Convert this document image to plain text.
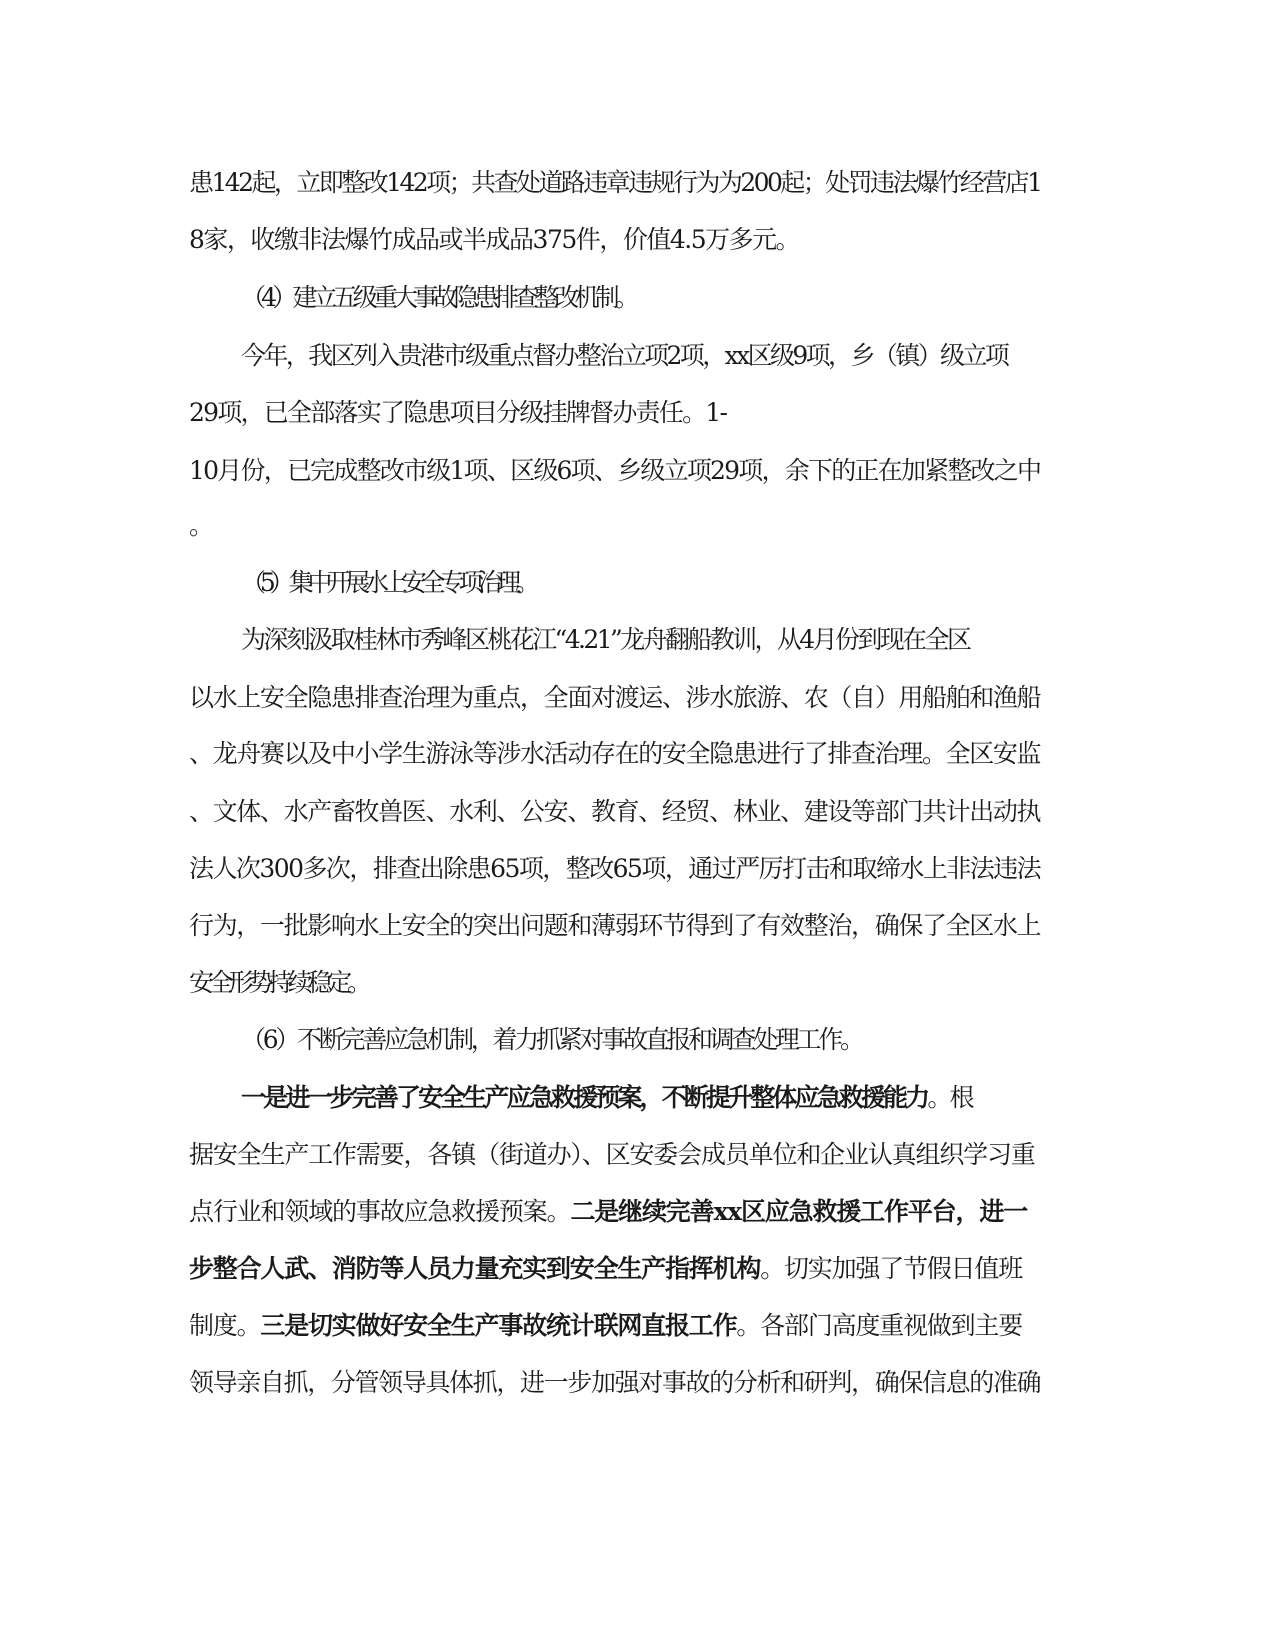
患142起，立即整改142项；共查处道路违章违规行为为200起；处罚违法爆竹经营店1
8家，收缴非法爆竹成品或半成品375件，价值4.5万多元。
（4）建立五级重大事故隐患排查整改机制。
今年，我区列入贵港市级重点督办整治立项2项，xx区级9项，乡（镇）级立项
29项，已全部落实了隐患项目分级挂牌督办责任。1-
10月份，已完成整改市级1项、区级6项、乡级立项29项，余下的正在加紧整改之中
（5）集中开展水上安全专项治理。
为深刻汲取桂林市秀峰区桃花江“4.21”龙舟翻船教训，从4月份到现在全区
以水上安全隐患排查治理为重点，全面对渡运、涉水旅游、农（自）用船舶和渔船
、龙舟赛以及中小学生游泳等涉水活动存在的安全隐患进行了排查治理。全区安监
、文体、水产畜牧兽医、水利、公安、教育、经贸、林业、建设等部门共计出动执
法人次300多次，排查出除患65项，整改65项，通过严厉打击和取缔水上非法违法
行为，一批影响水上安全的突出问题和薄弱环节得到了有效整治，确保了全区水上
安全形势持续稳定。
（6）不断完善应急机制，着力抓紧对事故直报和调查处理工作。
一是进一步完善了安全生产应急救援预案，不断提升整体应急救援能力。根
据安全生产工作需要，各镇（街道办）、区安委会成员单位和企业认真组织学习重
点行业和领域的事故应急救援预案。二是继续完善xx区应急救援工作平台，进一
步整合人武、消防等人员力量充实到安全生产指挥机构。切实加强了节假日值班
制度。三是切实做好安全生产事故统计联网直报工作。各部门高度重视做到主要
领导亲自抓，分管领导具体抓，进一步加强对事故的分析和研判，确保信息的准确
